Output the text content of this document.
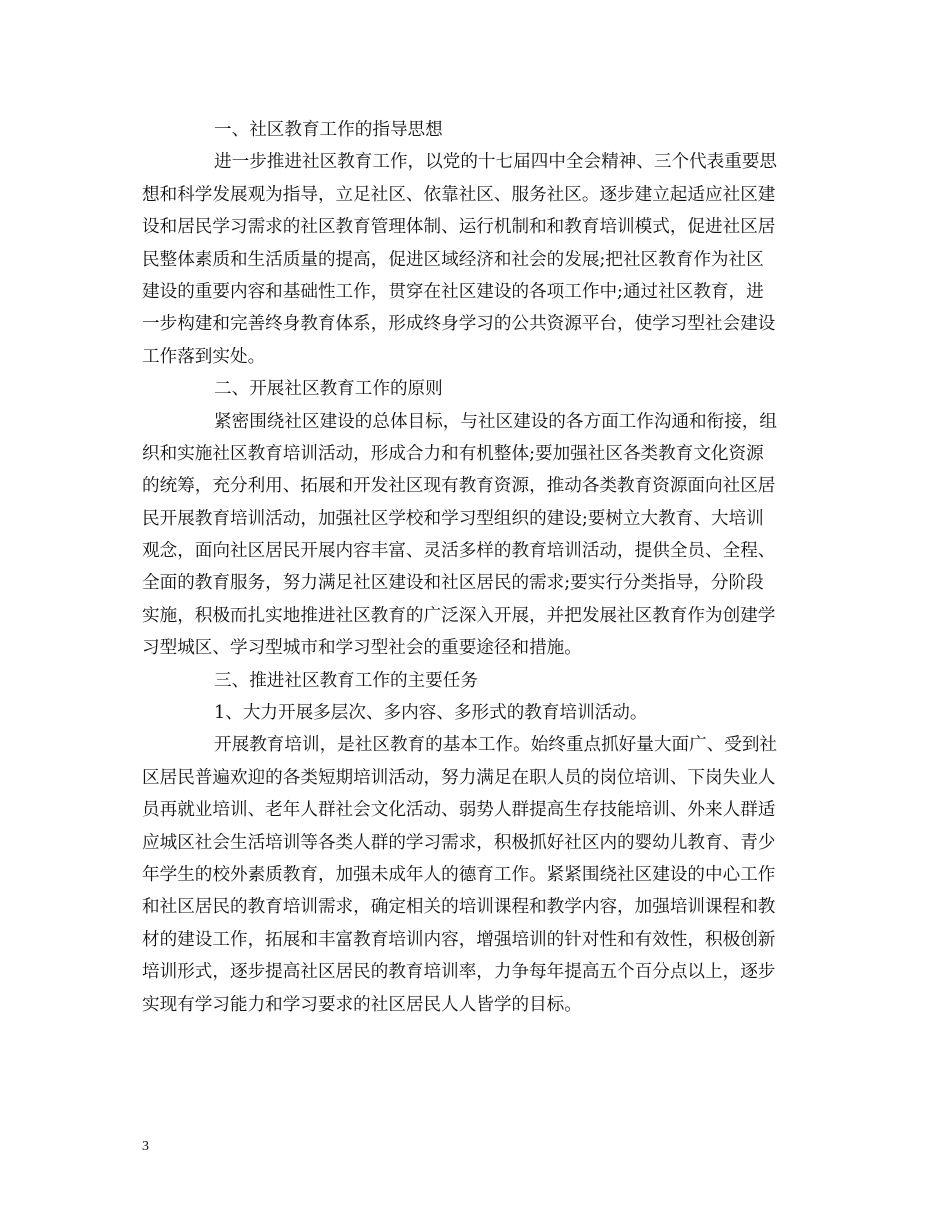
一、社区教育工作的指导思想
进一步推进社区教育工作，以党的十七届四中全会精神、三个代表重要思
想和科学发展观为指导，立足社区、依靠社区、服务社区。逐步建立起适应社区建
设和居民学习需求的社区教育管理体制、运行机制和和教育培训模式，促进社区居
民整体素质和生活质量的提高，促进区域经济和社会的发展;把社区教育作为社区
建设的重要内容和基础性工作，贯穿在社区建设的各项工作中;通过社区教育，进
一步构建和完善终身教育体系，形成终身学习的公共资源平台，使学习型社会建设
工作落到实处。
二、开展社区教育工作的原则
紧密围绕社区建设的总体目标，与社区建设的各方面工作沟通和衔接，组
织和实施社区教育培训活动，形成合力和有机整体;要加强社区各类教育文化资源
的统筹，充分利用、拓展和开发社区现有教育资源，推动各类教育资源面向社区居
民开展教育培训活动，加强社区学校和学习型组织的建设;要树立大教育、大培训
观念，面向社区居民开展内容丰富、灵活多样的教育培训活动，提供全员、全程、
全面的教育服务，努力满足社区建设和社区居民的需求;要实行分类指导，分阶段
实施，积极而扎实地推进社区教育的广泛深入开展，并把发展社区教育作为创建学
习型城区、学习型城市和学习型社会的重要途径和措施。
三、推进社区教育工作的主要任务
1、大力开展多层次、多内容、多形式的教育培训活动。
开展教育培训，是社区教育的基本工作。始终重点抓好量大面广、受到社
区居民普遍欢迎的各类短期培训活动，努力满足在职人员的岗位培训、下岗失业人
员再就业培训、老年人群社会文化活动、弱势人群提高生存技能培训、外来人群适
应城区社会生活培训等各类人群的学习需求，积极抓好社区内的婴幼儿教育、青少
年学生的校外素质教育，加强未成年人的德育工作。紧紧围绕社区建设的中心工作
和社区居民的教育培训需求，确定相关的培训课程和教学内容，加强培训课程和教
材的建设工作，拓展和丰富教育培训内容，增强培训的针对性和有效性，积极创新
培训形式，逐步提高社区居民的教育培训率，力争每年提高五个百分点以上，逐步
实现有学习能力和学习要求的社区居民人人皆学的目标。
3
